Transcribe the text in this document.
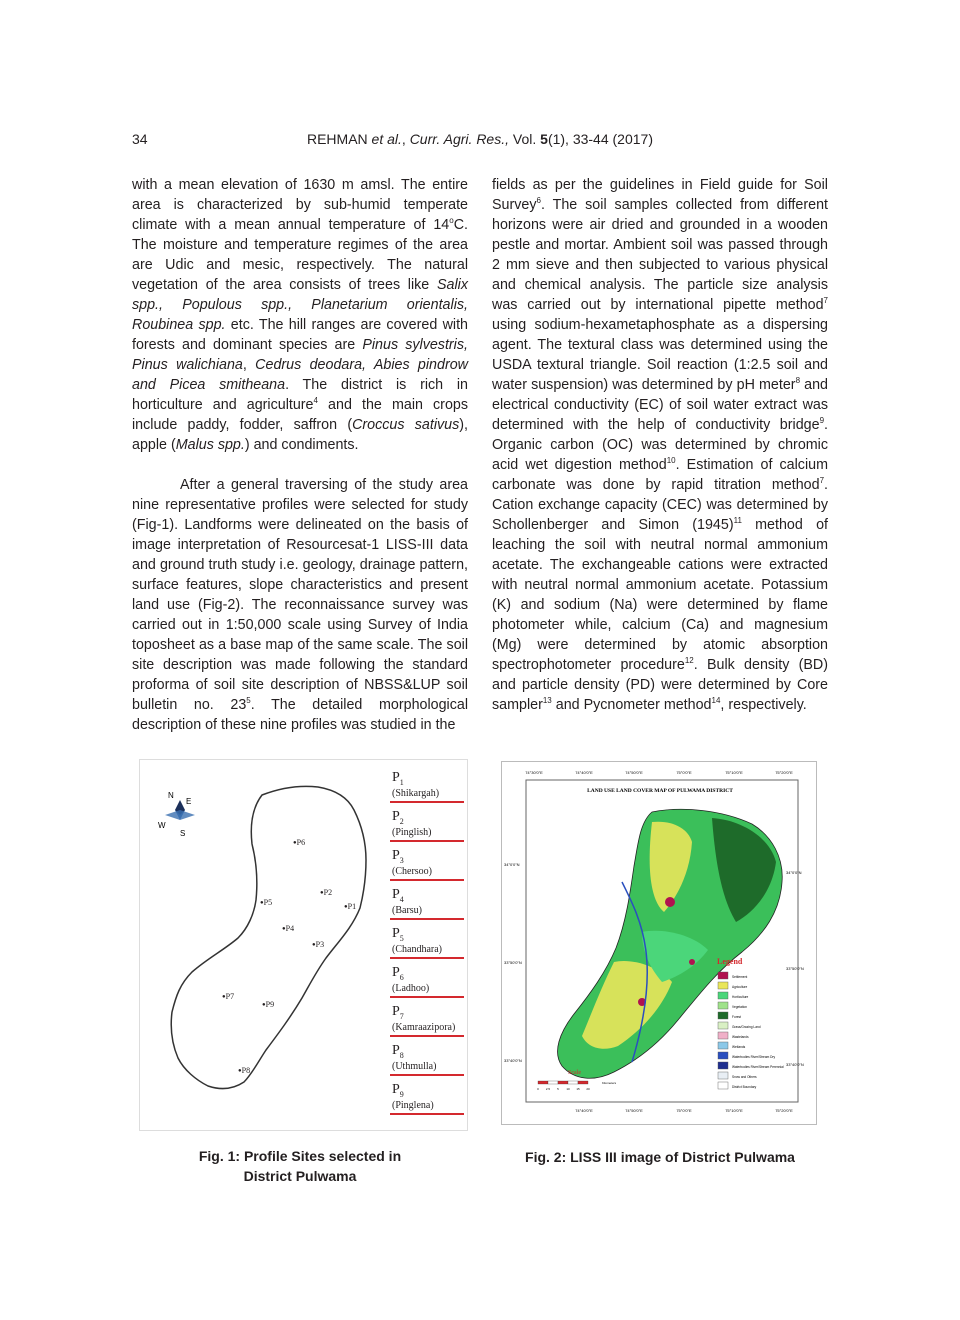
34	REHMAN et al., Curr. Agri. Res., Vol. 5(1), 33-44 (2017)

with a mean elevation of 1630 m amsl. The entire area is characterized by sub-humid temperate climate with a mean annual temperature of 14$^o$C. The moisture and temperature regimes of the area are Udic and mesic, respectively. The natural vegetation of the area consists of trees like Salix spp., Populous spp., Planetarium orientalis, Roubinea spp. etc. The hill ranges are covered with forests and dominant species are Pinus sylvestris, Pinus walichiana, Cedrus deodara, Abies pindrow and Picea smitheana. The district is rich in horticulture and agriculture$^4$ and the main crops include paddy, fodder, saffron (Croccus sativus), apple (Malus spp.) and condiments.

After a general traversing of the study area nine representative profiles were selected for study (Fig-1). Landforms were delineated on the basis of image interpretation of Resourcesat-1 LISS-III data and ground truth study i.e. geology, drainage pattern, surface features, slope characteristics and present land use (Fig-2). The reconnaissance survey was carried out in 1:50,000 scale using Survey of India toposheet as a base map of the same scale. The soil site description was made following the standard proforma of soil site description of NBSS&LUP soil bulletin no. $23^5$. The detailed morphological description of these nine profiles was studied in the

fields as per the guidelines in Field guide for Soil Survey$^6$. The soil samples collected from different horizons were air dried and grounded in a wooden pestle and mortar. Ambient soil was passed through 2 mm sieve and then subjected to various physical and chemical analysis. The particle size analysis was carried out by international pipette method$^7$ using sodium-hexametaphosphate as a dispersing agent. The textural class was determined using the USDA textural triangle. Soil reaction (1:2.5 soil and water suspension) was determined by pH meter$^8$ and electrical conductivity (EC) of soil water extract was determined with the help of conductivity bridge$^9$. Organic carbon (OC) was determined by chromic acid wet digestion method$^{10}$. Estimation of calcium carbonate was done by rapid titration method$^7$. Cation exchange capacity (CEC) was determined by Schollenberger and Simon $(1945)^{11}$ method of leaching the soil with neutral normal ammonium acetate. The exchangeable cations were extracted with neutral normal ammonium acetate. Potassium (K) and sodium (Na) were determined by flame photometer while, calcium (Ca) and magnesium (Mg) were determined by atomic absorption spectrophotometer procedure$^{12}$. Bulk density (BD) and particle density (PD) were determined by Core sampler$^{13}$ and Pycnometer method$^{14}$, respectively.

N
E
W
S
● P6
● P2
● P1
● P5
● P4
● P3
● P7
● P9
● P8
$P_1$
(Shikargah)
$P_2$
(Pinglish)
$P_3$
(Chersoo)
$P_4$
(Barsu)
$P_5$
(Chandhara)
$P_6$
(Ladhoo)
$P_7$
(Kamraazipora)
$P_8$
(Uthmulla)
$P_9$
(Pinglena)
74°30'0"E	74°40'0"E	74°50'0"E	75°0'0"E	75°10'0"E	75°20'0"E
74°40'0"E	74°50'0"E	75°0'0"E	75°10'0"E	75°20'0"E
34°0'0"N
33°50'0"N
33°40'0"N
34°0'0"N
33°50'0"N
33°40'0"N
LAND USE LAND COVER MAP OF PULWAMA DISTRICT
Legend
Settlement
Agriculture
Horticulture
Vegetation
Forest
Grass/Grazing Land
Wastelands
Wetlands
Waterbodies River/Stream Dry
Waterbodies River/Stream Perennial
Snow and Others
District Boundary
Scale
0 2.5 5 10 15 20
Kilometers
Fig. 1: Profile Sites selected in
District Pulwama
Fig. 2: LISS III image of District Pulwama
